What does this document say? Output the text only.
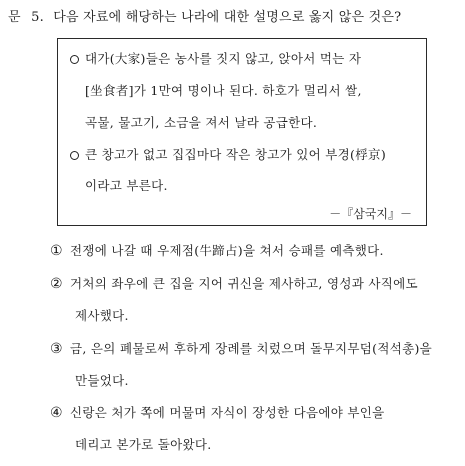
문 5. 다음 자료에 해당하는 나라에 대한 설명으로 옳지 않은 것은?
대가(大家)들은 농사를 짓지 않고, 앉아서 먹는 자
[坐食者]가 1만여 명이나 된다. 하호가 멀리서 쌀,
곡물, 물고기, 소금을 져서 날라 공급한다.
큰 창고가 없고 집집마다 작은 창고가 있어 부경(桴京)
이라고 부른다.
－『삼국지』－
① 전쟁에 나갈 때 우제점(牛蹄占)을 쳐서 승패를 예측했다.
② 거처의 좌우에 큰 집을 지어 귀신을 제사하고, 영성과 사직에도
제사했다.
③ 금, 은의 폐물로써 후하게 장례를 치렀으며 돌무지무덤(적석총)을
만들었다.
④ 신랑은 처가 쪽에 머물며 자식이 장성한 다음에야 부인을
데리고 본가로 돌아왔다.
